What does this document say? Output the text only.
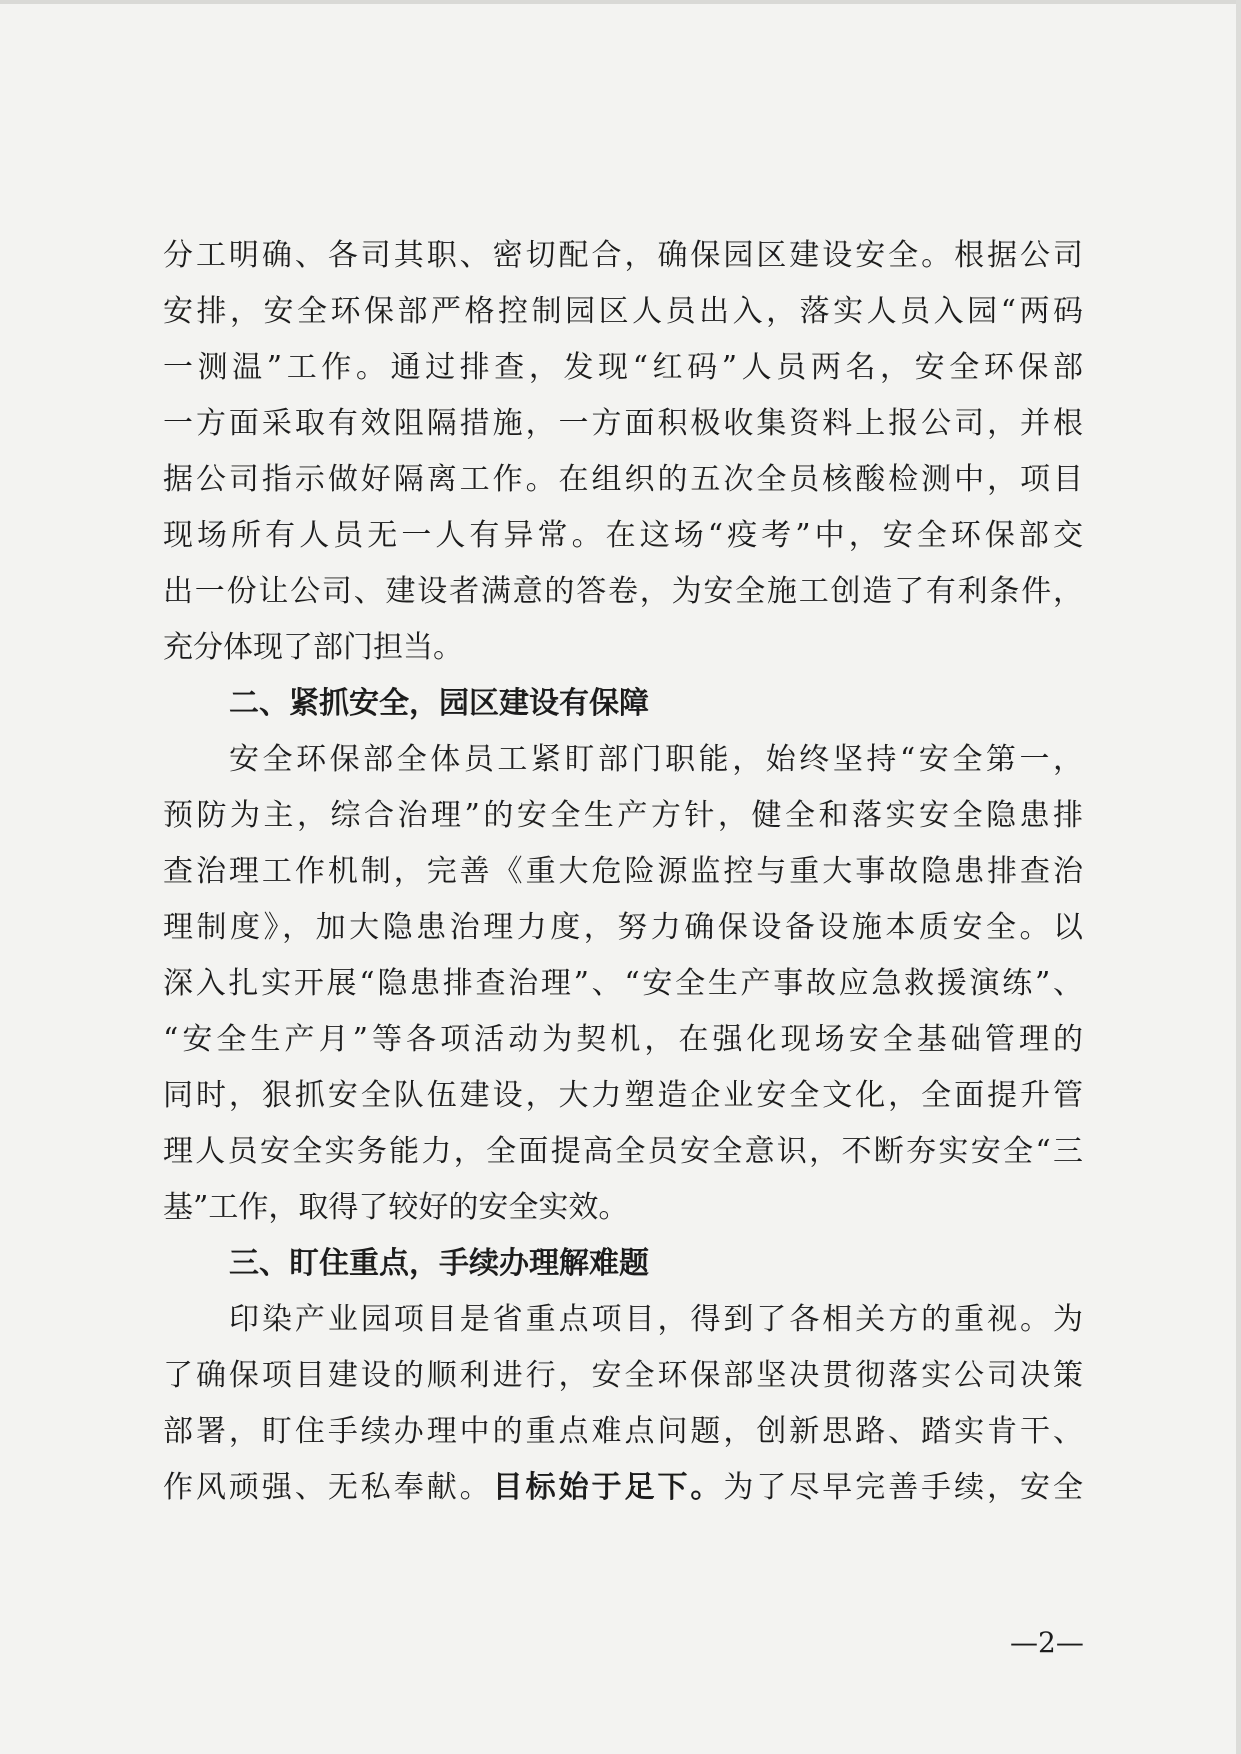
分工明确、各司其职、密切配合，确保园区建设安全。根据公司
安排，安全环保部严格控制园区人员出入，落实人员入园“两码
一测温”工作。通过排查，发现“红码”人员两名，安全环保部
一方面采取有效阻隔措施，一方面积极收集资料上报公司，并根
据公司指示做好隔离工作。在组织的五次全员核酸检测中，项目
现场所有人员无一人有异常。在这场“疫考”中，安全环保部交
出一份让公司、建设者满意的答卷，为安全施工创造了有利条件，
充分体现了部门担当。
二、紧抓安全，园区建设有保障
安全环保部全体员工紧盯部门职能，始终坚持“安全第一，
预防为主，综合治理”的安全生产方针，健全和落实安全隐患排
查治理工作机制，完善《重大危险源监控与重大事故隐患排查治
理制度》，加大隐患治理力度，努力确保设备设施本质安全。以
深入扎实开展“隐患排查治理”、“安全生产事故应急救援演练”、
“安全生产月”等各项活动为契机，在强化现场安全基础管理的
同时，狠抓安全队伍建设，大力塑造企业安全文化，全面提升管
理人员安全实务能力，全面提高全员安全意识，不断夯实安全“三
基”工作，取得了较好的安全实效。
三、盯住重点，手续办理解难题
印染产业园项目是省重点项目，得到了各相关方的重视。为
了确保项目建设的顺利进行，安全环保部坚决贯彻落实公司决策
部署，盯住手续办理中的重点难点问题，创新思路、踏实肯干、
作风顽强、无私奉献。目标始于足下。为了尽早完善手续，安全
—2—
